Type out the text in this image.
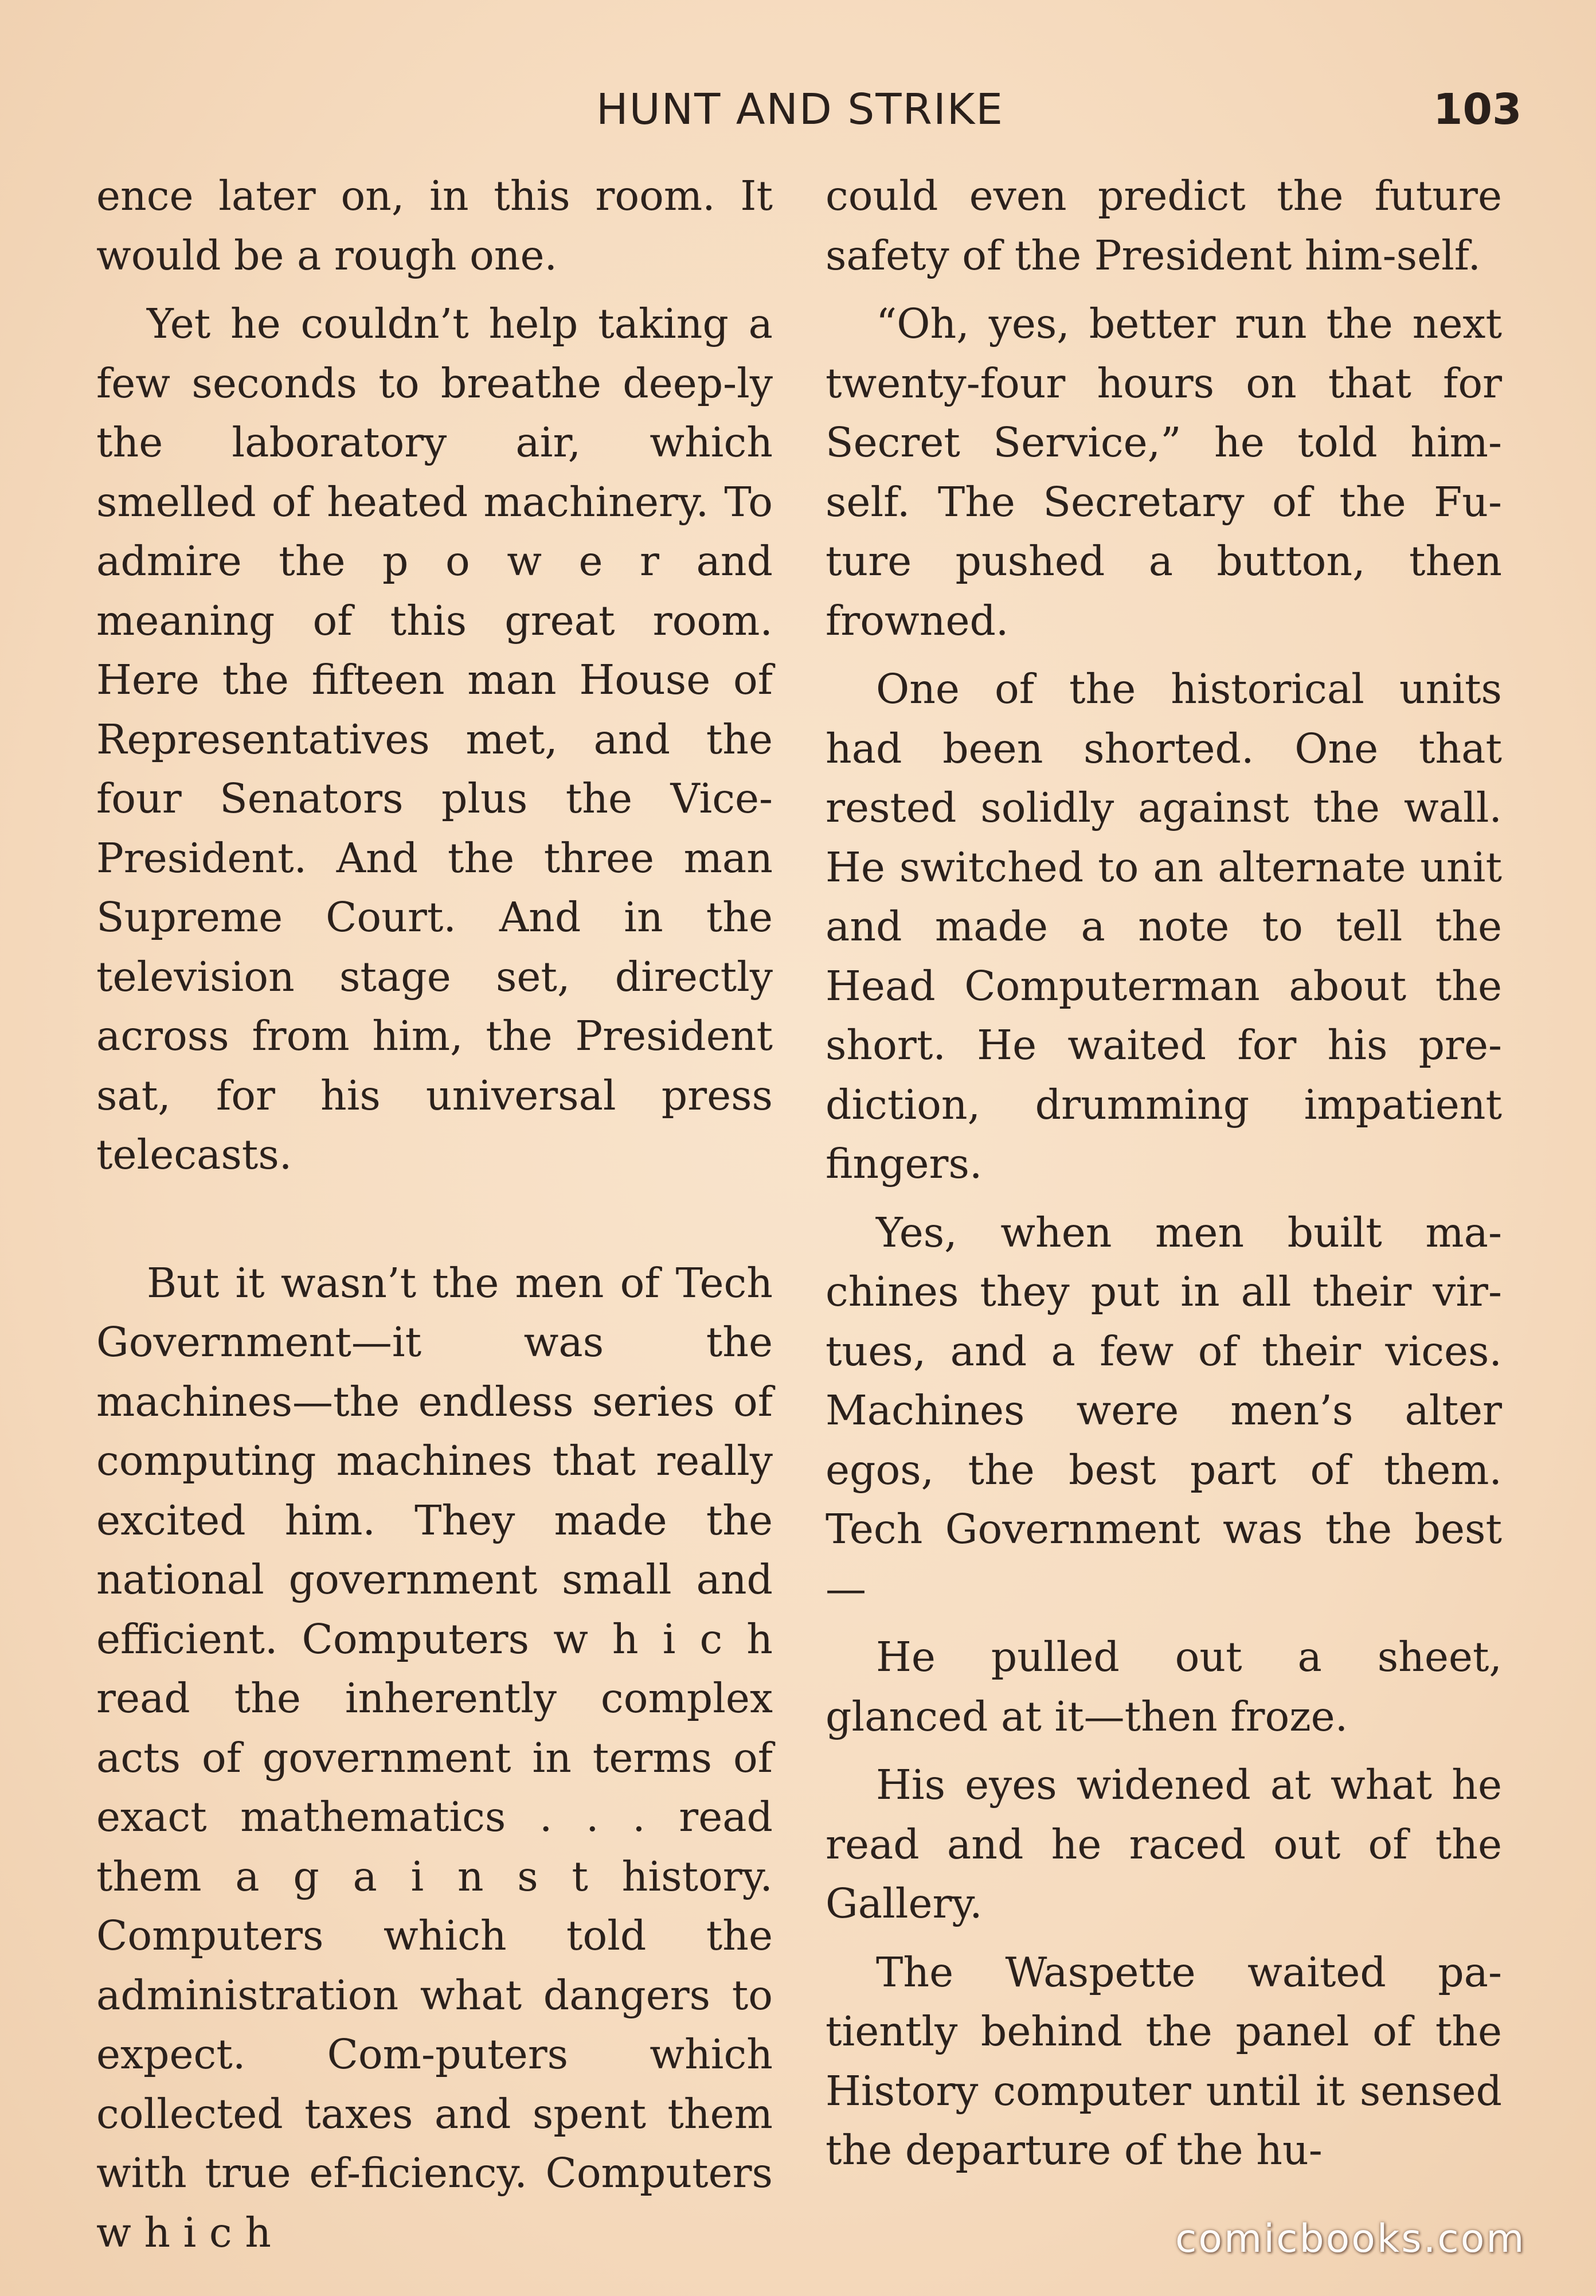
HUNT AND STRIKE	103

ence later on, in this room. It would be a rough one.

Yet he couldn’t help taking a few seconds to breathe deep-ly the laboratory air, which smelled of heated machinery. To admire the p o w e r and meaning of this great room. Here the fifteen man House of Representatives met, and the four Senators plus the Vice-President. And the three man Supreme Court. And in the television stage set, directly across from him, the President sat, for his universal press telecasts.

But it wasn’t the men of Tech Government—it was the machines—the endless series of computing machines that really excited him. They made the national government small and efficient. Computers w h i c h read the inherently complex acts of government in terms of exact mathematics . . . read them a g a i n s t history. Computers which told the administration what dangers to expect. Com-puters which collected taxes and spent them with true ef-ficiency. Computers w h i c h

could even predict the future safety of the President him-self.

“Oh, yes, better run the next twenty-four hours on that for Secret Service,” he told him-self. The Secretary of the Fu-ture pushed a button, then frowned.

One of the historical units had been shorted. One that rested solidly against the wall. He switched to an alternate unit and made a note to tell the Head Computerman about the short. He waited for his pre-diction, drumming impatient fingers.

Yes, when men built ma-chines they put in all their vir-tues, and a few of their vices. Machines were men’s alter egos, the best part of them. Tech Government was the best—

He pulled out a sheet, glanced at it—then froze.

His eyes widened at what he read and he raced out of the Gallery.

The Waspette waited pa-tiently behind the panel of the History computer until it sensed the departure of the hu-

comicbooks.com
